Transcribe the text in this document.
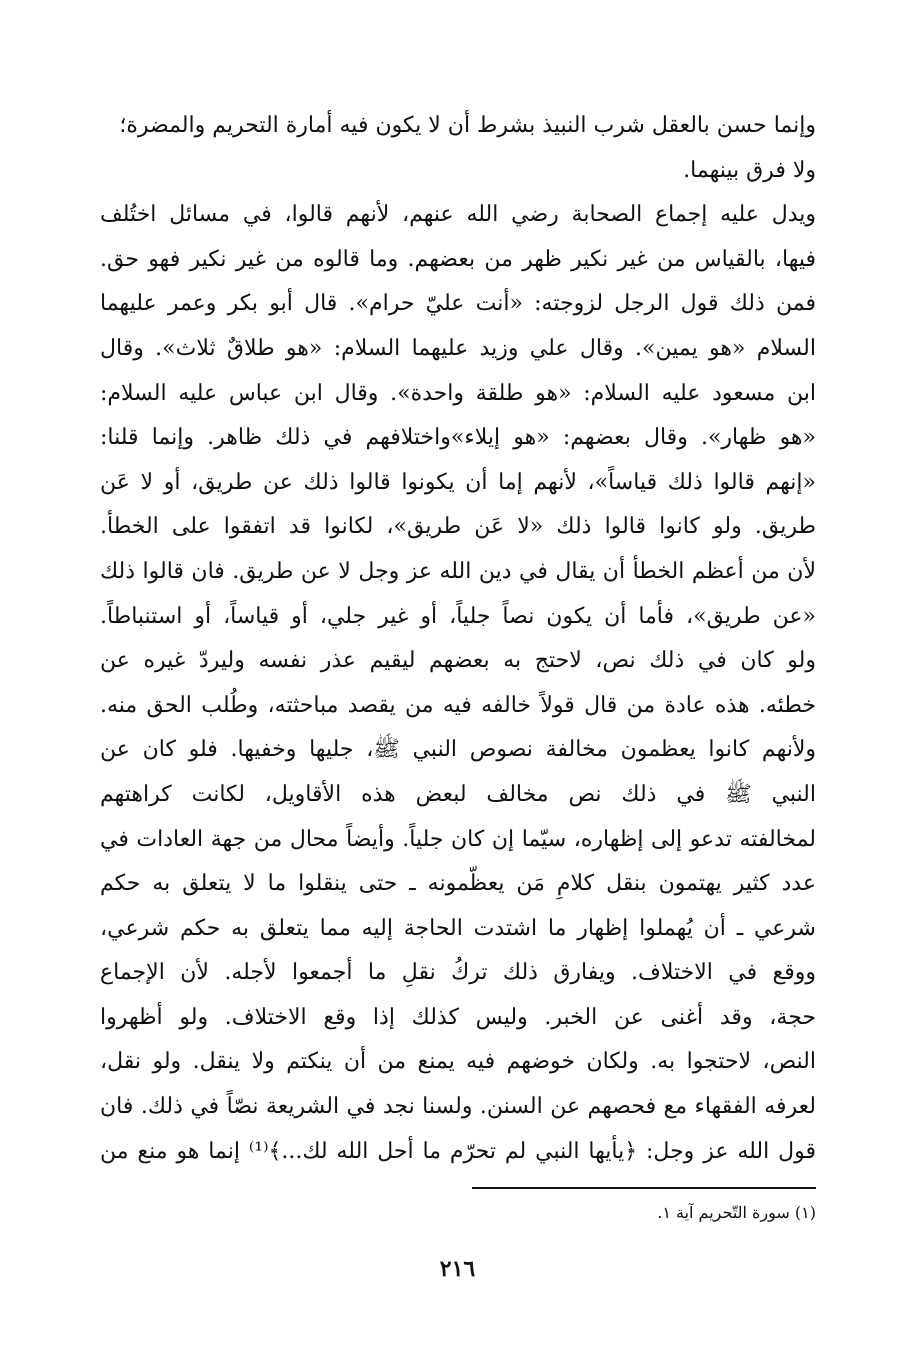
وإنما حسن بالعقل شرب النبيذ بشرط أن لا يكون فيه أمارة التحريم والمضرة؛
ولا فرق بينهما.
ويدل عليه إجماع الصحابة رضي الله عنهم، لأنهم قالوا، في مسائل اختُلف
فيها، بالقياس من غير نكير ظهر من بعضهم. وما قالوه من غير نكير فهو حق.
فمن ذلك قول الرجل لزوجته: «أنت عليّ حرام». قال أبو بكر وعمر عليهما
السلام «هو يمين». وقال علي وزيد عليهما السلام: «هو طلاقٌ ثلاث». وقال
ابن مسعود عليه السلام: «هو طلقة واحدة». وقال ابن عباس عليه السلام:
«هو ظهار». وقال بعضهم: «هو إيلاء»واختلافهم في ذلك ظاهر. وإنما قلنا:
«إنهم قالوا ذلك قياساً»، لأنهم إما أن يكونوا قالوا ذلك عن طريق، أو لا عَن
طريق. ولو كانوا قالوا ذلك «لا عَن طريق»، لكانوا قد اتفقوا على الخطأ.
لأن من أعظم الخطأ أن يقال في دين الله عز وجل لا عن طريق. فان قالوا ذلك
«عن طريق»، فأما أن يكون نصاً جلياً، أو غير جلي، أو قياساً، أو استنباطاً.
ولو كان في ذلك نص، لاحتج به بعضهم ليقيم عذر نفسه وليردّ غيره عن
خطئه. هذه عادة من قال قولاً خالفه فيه من يقصد مباحثته، وطُلب الحق منه.
ولأنهم كانوا يعظمون مخالفة نصوص النبي ﷺ، جليها وخفيها. فلو كان عن
النبي ﷺ في ذلك نص مخالف لبعض هذه الأقاويل، لكانت كراهتهم
لمخالفته تدعو إلى إظهاره، سيّما إن كان جلياً. وأيضاً محال من جهة العادات في
عدد كثير يهتمون بنقل كلامِ مَن يعظّمونه ـ حتى ينقلوا ما لا يتعلق به حكم
شرعي ـ أن يُهملوا إظهار ما اشتدت الحاجة إليه مما يتعلق به حكم شرعي،
ووقع في الاختلاف. ويفارق ذلك تركُ نقلِ ما أجمعوا لأجله. لأن الإجماع
حجة، وقد أغنى عن الخبر. وليس كذلك إذا وقع الاختلاف. ولو أظهروا
النص، لاحتجوا به. ولكان خوضهم فيه يمنع من أن ينكتم ولا ينقل. ولو نقل،
لعرفه الفقهاء مع فحصهم عن السنن. ولسنا نجد في الشريعة نصّاً في ذلك. فان
قول الله عز وجل: ﴿يأيها النبي لم تحرّم ما أحل الله لك...﴾⁽¹⁾ إنما هو منع من
(١) سورة التّحريم آية ١.
٢١٦
